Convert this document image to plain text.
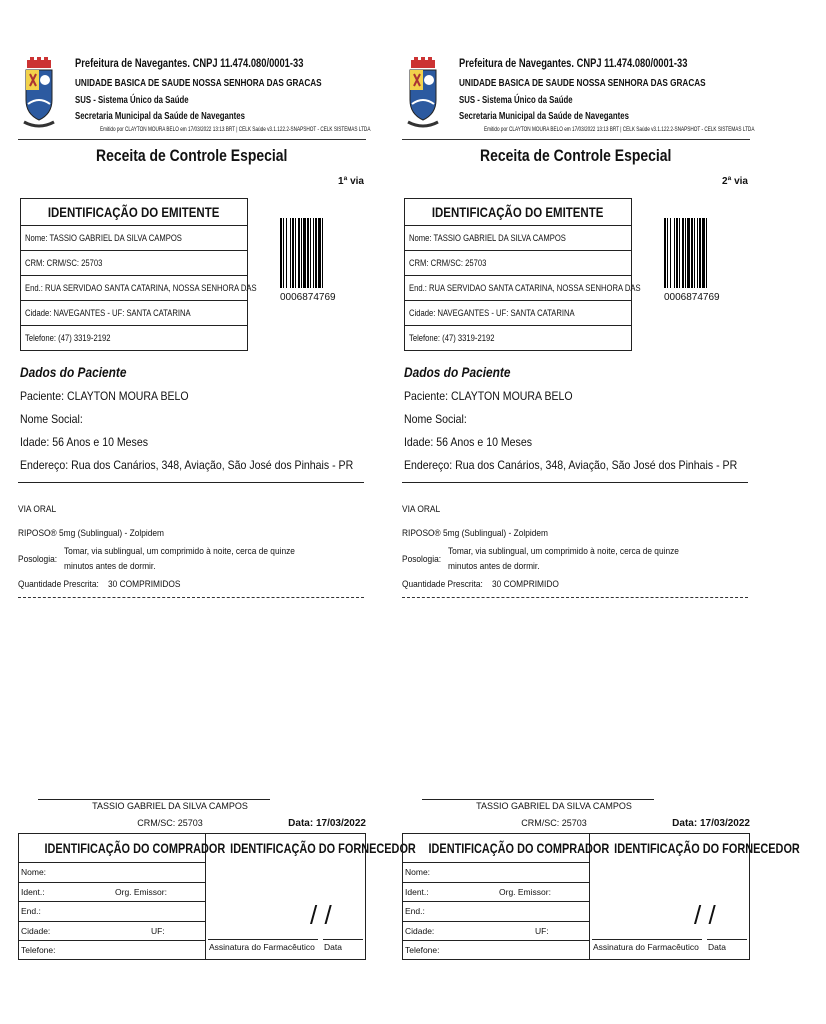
Prefeitura de Navegantes. CNPJ 11.474.080/0001-33
UNIDADE BASICA DE SAUDE NOSSA SENHORA DAS GRACAS
SUS - Sistema Único da Saúde
Secretaria Municipal da Saúde de Navegantes
Emitido por CLAYTON MOURA BELO em 17/03/2022 13:13 BRT | CELK Saúde v3.1.122.2-SNAPSHOT - CELK SISTEMAS LTDA
Receita de Controle Especial
1ª via
IDENTIFICAÇÃO DO EMITENTE
Nome: TASSIO GABRIEL DA SILVA CAMPOS
CRM: CRM/SC: 25703
End.: RUA SERVIDAO SANTA CATARINA, NOSSA SENHORA DAS
Cidade: NAVEGANTES - UF: SANTA CATARINA
Telefone: (47) 3319-2192
0006874769
Dados do Paciente
Paciente: CLAYTON MOURA BELO
Nome Social:
Idade: 56 Anos e 10 Meses
Endereço: Rua dos Canários, 348, Aviação, São José dos Pinhais - PR
VIA ORAL
RIPOSO® 5mg (Sublingual) - Zolpidem
Posologia:
Tomar, via sublingual, um comprimido à noite, cerca de quinze
minutos antes de dormir.
Quantidade Prescrita: 30 COMPRIMIDOS
TASSIO GABRIEL DA SILVA CAMPOS
CRM/SC: 25703	Data: 17/03/2022
IDENTIFICAÇÃO DO COMPRADOR
Nome:
Ident.:	Org. Emissor:
End.:
Cidade:	UF:
Telefone:
IDENTIFICAÇÃO DO FORNECEDOR
/ /
Assinatura do Farmacêutico Data
Prefeitura de Navegantes. CNPJ 11.474.080/0001-33
UNIDADE BASICA DE SAUDE NOSSA SENHORA DAS GRACAS
SUS - Sistema Único da Saúde
Secretaria Municipal da Saúde de Navegantes
Emitido por CLAYTON MOURA BELO em 17/03/2022 13:13 BRT | CELK Saúde v3.1.122.2-SNAPSHOT - CELK SISTEMAS LTDA
Receita de Controle Especial
2ª via
IDENTIFICAÇÃO DO EMITENTE
Nome: TASSIO GABRIEL DA SILVA CAMPOS
CRM: CRM/SC: 25703
End.: RUA SERVIDAO SANTA CATARINA, NOSSA SENHORA DAS
Cidade: NAVEGANTES - UF: SANTA CATARINA
Telefone: (47) 3319-2192
0006874769
Dados do Paciente
Paciente: CLAYTON MOURA BELO
Nome Social:
Idade: 56 Anos e 10 Meses
Endereço: Rua dos Canários, 348, Aviação, São José dos Pinhais - PR
VIA ORAL
RIPOSO® 5mg (Sublingual) - Zolpidem
Posologia:
Tomar, via sublingual, um comprimido à noite, cerca de quinze
minutos antes de dormir.
Quantidade Prescrita: 30 COMPRIMIDO
TASSIO GABRIEL DA SILVA CAMPOS
CRM/SC: 25703	Data: 17/03/2022
IDENTIFICAÇÃO DO COMPRADOR
Nome:
Ident.:	Org. Emissor:
End.:
Cidade:	UF:
Telefone:
IDENTIFICAÇÃO DO FORNECEDOR
/ /
Assinatura do Farmacêutico Data
